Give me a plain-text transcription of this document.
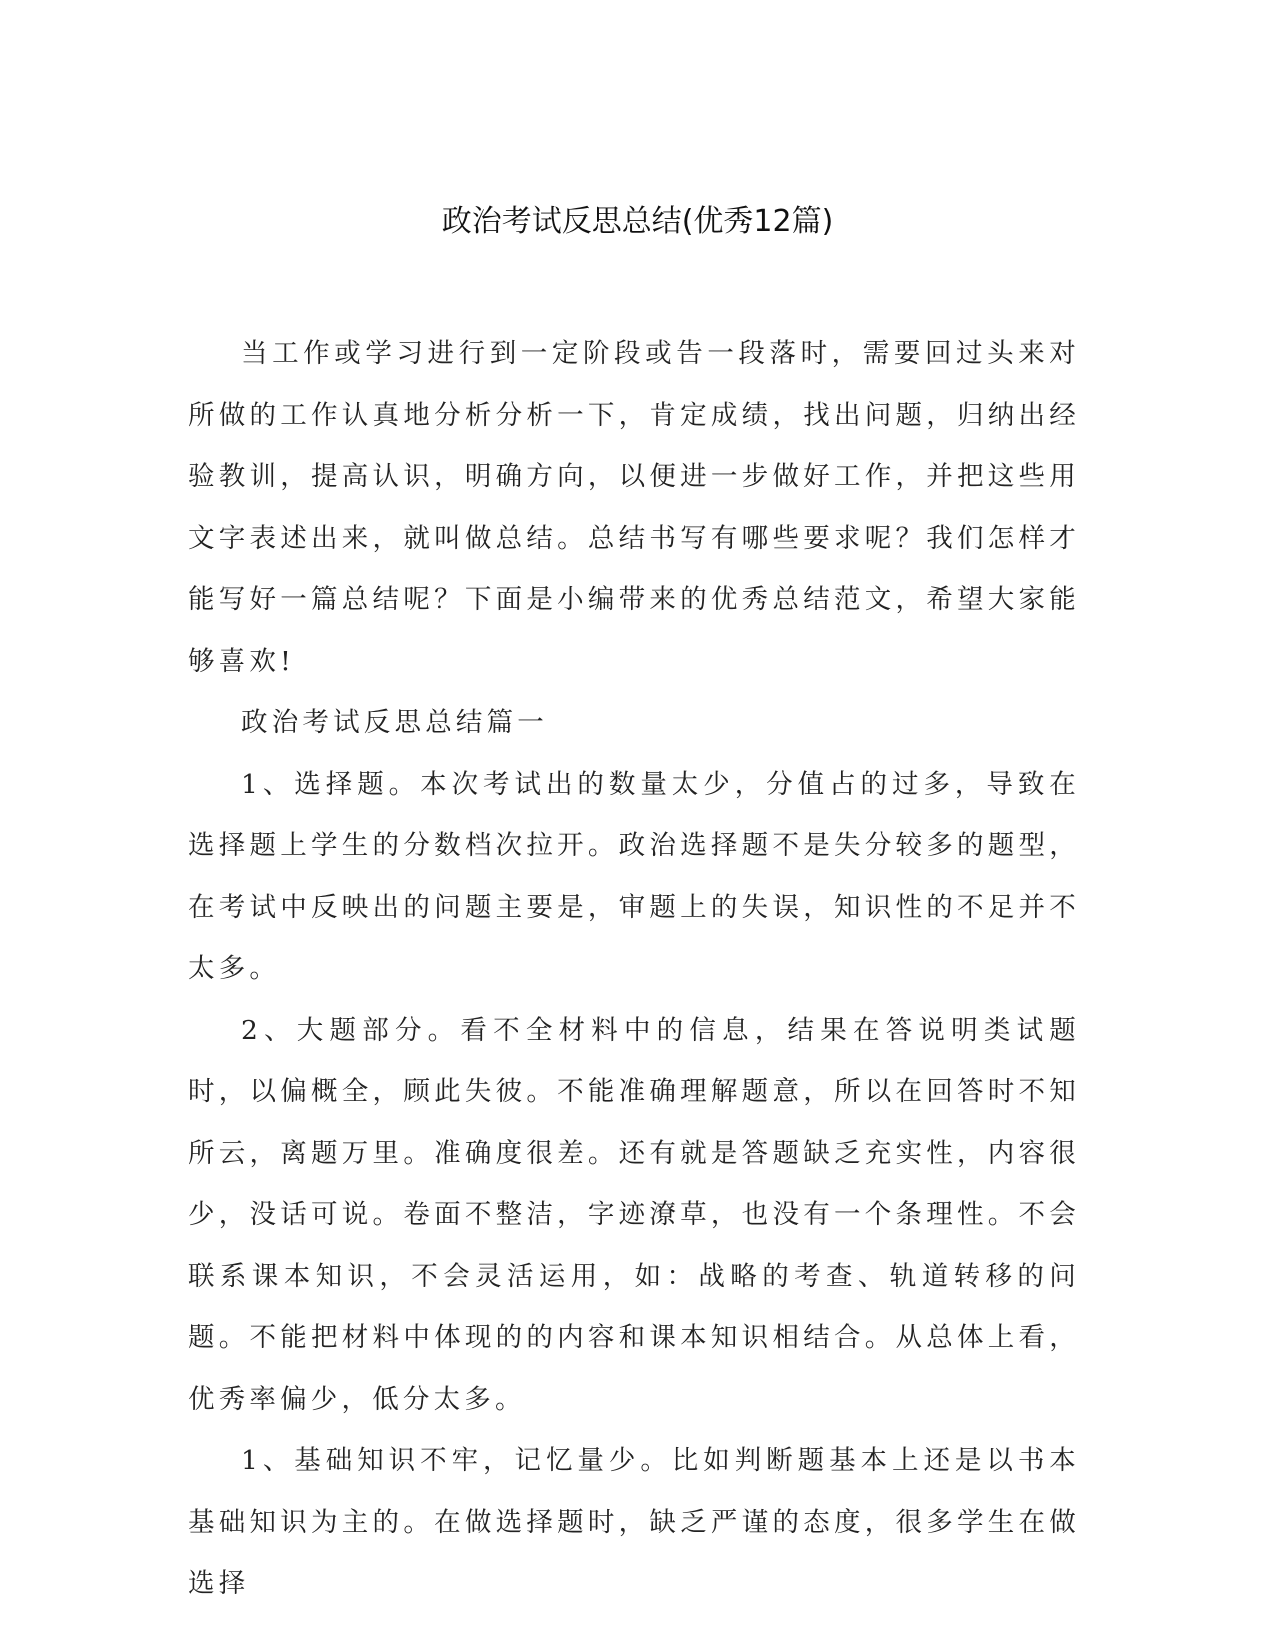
政治考试反思总结(优秀12篇)

当工作或学习进行到一定阶段或告一段落时，需要回过头来对所做的工作认真地分析分析一下，肯定成绩，找出问题，归纳出经验教训，提高认识，明确方向，以便进一步做好工作，并把这些用文字表述出来，就叫做总结。总结书写有哪些要求呢？我们怎样才能写好一篇总结呢？下面是小编带来的优秀总结范文，希望大家能够喜欢!

政治考试反思总结篇一

1、选择题。本次考试出的数量太少，分值占的过多，导致在选择题上学生的分数档次拉开。政治选择题不是失分较多的题型，在考试中反映出的问题主要是，审题上的失误，知识性的不足并不太多。

2、大题部分。看不全材料中的信息，结果在答说明类试题时，以偏概全，顾此失彼。不能准确理解题意，所以在回答时不知所云，离题万里。准确度很差。还有就是答题缺乏充实性，内容很少，没话可说。卷面不整洁，字迹潦草，也没有一个条理性。不会联系课本知识，不会灵活运用，如：战略的考查、轨道转移的问题。不能把材料中体现的的内容和课本知识相结合。从总体上看，优秀率偏少，低分太多。

1、基础知识不牢，记忆量少。比如判断题基本上还是以书本基础知识为主的。在做选择题时，缺乏严谨的态度，很多学生在做选择
